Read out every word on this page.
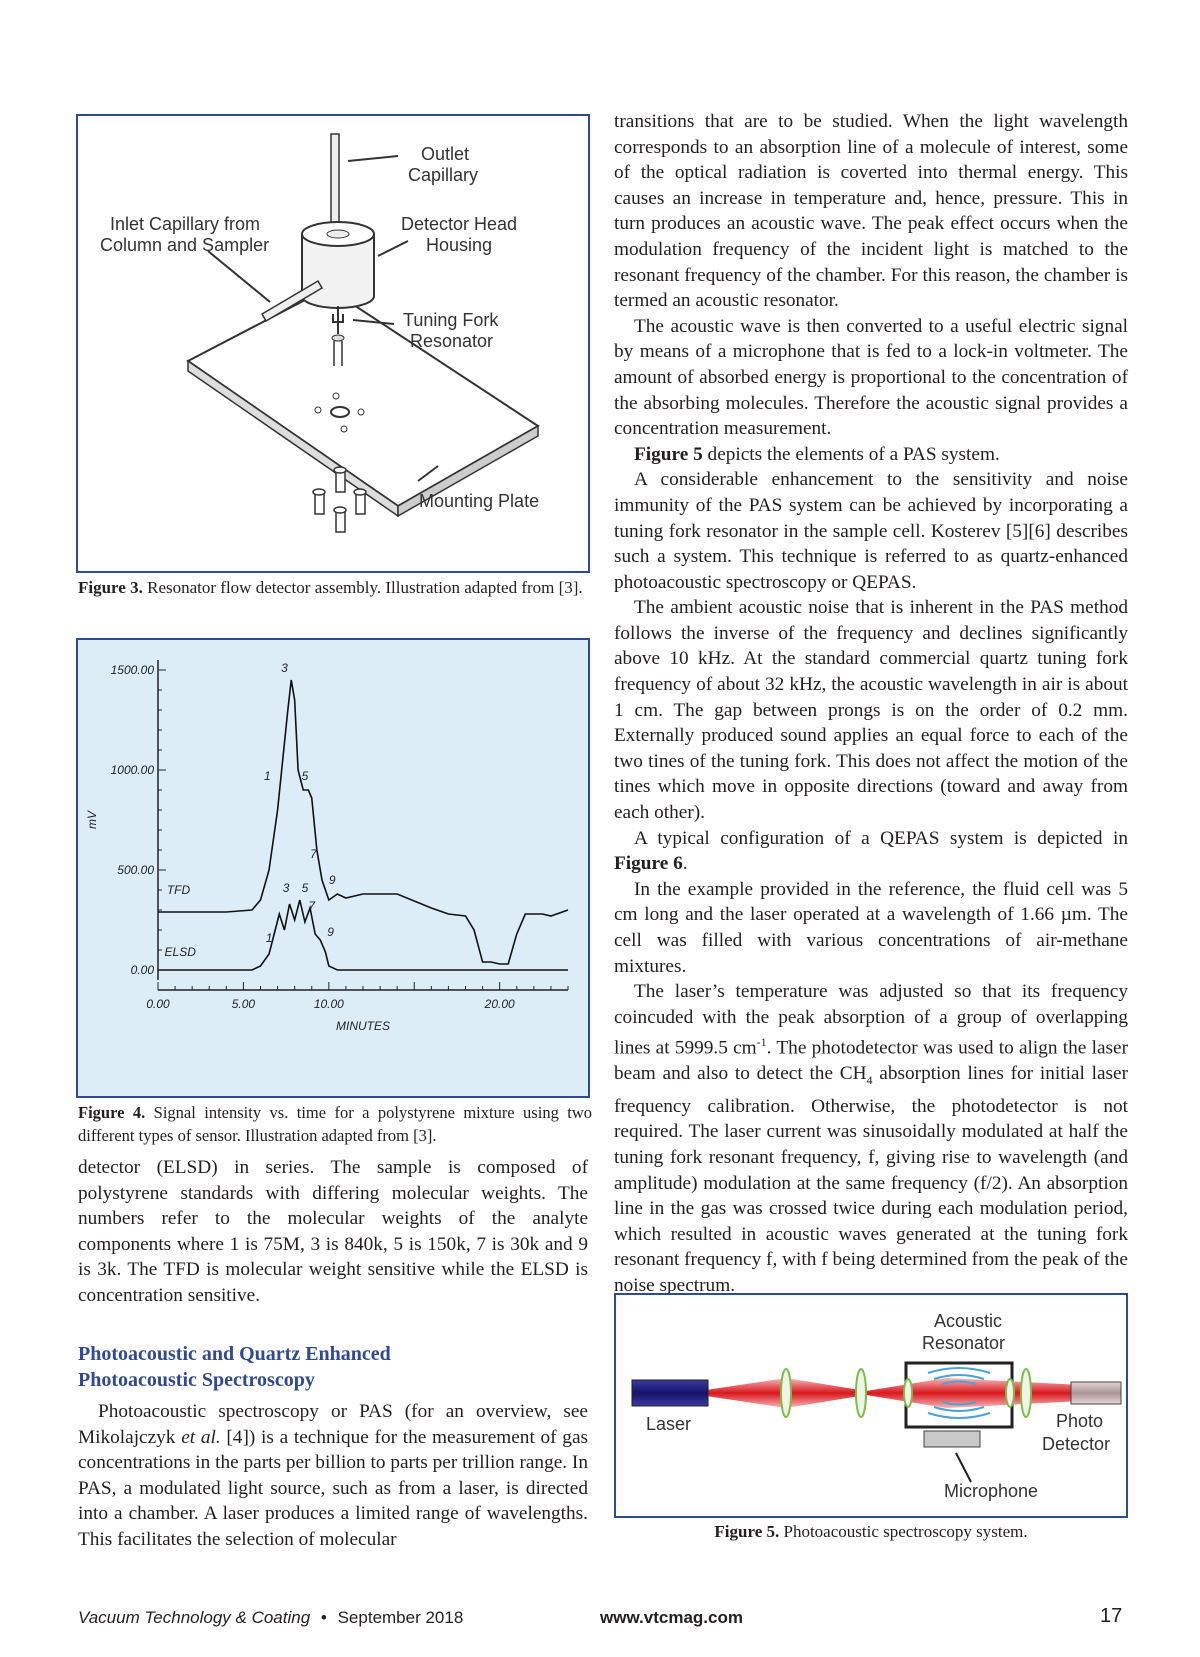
Outlet
Capillary
Inlet Capillary from
Column and Sampler
Detector Head
Housing
Tuning Fork
Resonator
Mounting Plate
Figure 3. Resonator flow detector assembly. Illustration adapted from [3].
0.00
500.00
1000.00
1500.00
0.00	5.00	10.00	20.00
MINUTES
mV
1
3
5
7
9
3 5
7
1	9
TFD
ELSD
Figure 4. Signal intensity vs. time for a polystyrene mixture using two different types of sensor. Illustration adapted from [3].

detector (ELSD) in series. The sample is composed of polystyrene standards with differing molecular weights. The numbers refer to the molecular weights of the analyte components where 1 is 75M, 3 is 840k, 5 is 150k, 7 is 30k and 9 is 3k. The TFD is molecular weight sensitive while the ELSD is concentration sensitive.

Photoacoustic and Quartz Enhanced
Photoacoustic Spectroscopy

Photoacoustic spectroscopy or PAS (for an overview, see Mikolajczyk et al. [4]) is a technique for the measurement of gas concentrations in the parts per billion to parts per trillion range. In PAS, a modulated light source, such as from a laser, is directed into a chamber. A laser produces a limited range of wavelengths. This facilitates the selection of molecular

transitions that are to be studied. When the light wavelength corresponds to an absorption line of a molecule of interest, some of the optical radiation is coverted into thermal energy. This causes an increase in temperature and, hence, pressure. This in turn produces an acoustic wave. The peak effect occurs when the modulation frequency of the incident light is matched to the resonant frequency of the chamber. For this reason, the chamber is termed an acoustic resonator.

The acoustic wave is then converted to a useful electric signal by means of a microphone that is fed to a lock-in voltmeter. The amount of absorbed energy is proportional to the concentration of the absorbing molecules. Therefore the acoustic signal provides a concentration measurement.

Figure 5 depicts the elements of a PAS system.

A considerable enhancement to the sensitivity and noise immunity of the PAS system can be achieved by incorporating a tuning fork resonator in the sample cell. Kosterev [5][6] describes such a system. This technique is referred to as quartz-enhanced photoacoustic spectroscopy or QEPAS.

The ambient acoustic noise that is inherent in the PAS method follows the inverse of the frequency and declines significantly above 10 kHz. At the standard commercial quartz tuning fork frequency of about 32 kHz, the acoustic wavelength in air is about 1 cm. The gap between prongs is on the order of 0.2 mm. Externally produced sound applies an equal force to each of the two tines of the tuning fork. This does not affect the motion of the tines which move in opposite directions (toward and away from each other).

A typical configuration of a QEPAS system is depicted in Figure 6.

In the example provided in the reference, the fluid cell was 5 cm long and the laser operated at a wavelength of 1.66 µm. The cell was filled with various concentrations of air-methane mixtures.

The laser’s temperature was adjusted so that its frequency coincuded with the peak absorption of a group of overlapping lines at 5999.5 $cm^{-1}$. The photodetector was used to align the laser beam and also to detect the $CH_4$ absorption lines for initial laser frequency calibration. Otherwise, the photodetector is not required. The laser current was sinusoidally modulated at half the tuning fork resonant frequency, f, giving rise to wavelength (and amplitude) modulation at the same frequency (f/2). An absorption line in the gas was crossed twice during each modulation period, which resulted in acoustic waves generated at the tuning fork resonant frequency f, with f being determined from the peak of the noise spectrum.

Acoustic
Resonator
Laser	Photo
Detector
Microphone
Figure 5. Photoacoustic spectroscopy system.
Vacuum Technology & Coating • September 2018	www.vtcmag.com	17
